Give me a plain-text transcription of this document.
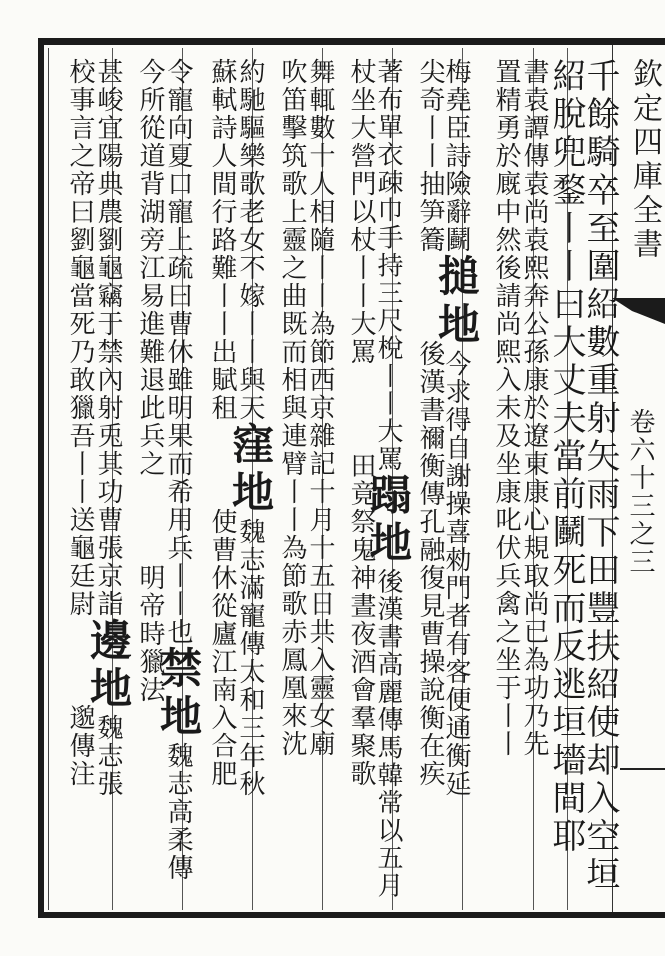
欽定四庫全書
卷六十三之三
千餘騎卒至圍紹數重射矢雨下田豐扶紹使却入空垣
紹脫兜鍪丨丨曰大丈夫當前鬭死而反逃垣墻間耶
書袁譚傳袁尚袁熙奔公孫康於遼東康心規取尚已為功乃先
置精勇於廐中然後請尚熙入未及坐康叱伏兵禽之坐于丨丨
梅堯臣詩險辭鬬
搥地
今求得自謝操喜勑門者有客便通衡延
尖奇丨丨抽笋簥
後漢書禰衡傳孔融復見曹操說衡在疾
著布單衣疎巾手持三尺梲丨丨大罵
蹋地
後漢書高麗傳馬韓常以五月
杖坐大營門以杖丨丨大罵
田竟祭鬼神晝夜酒會羣聚歌
舞輒數十人相隨丨丨為節西京雜記十月十五日共入靈女廟
吹笛擊筑歌上靈之曲既而相與連臂丨丨為節歌赤鳳凰來沈
約馳驅樂歌老女不嫁丨丨與天
窪地
魏志滿寵傳太和三年秋
蘇軾詩人間行路難丨丨出賦租
使曹休從廬江南入合肥
令寵向夏口寵上疏曰曹休雖明果而希用兵丨丨也
禁地
魏志高柔傳
今所從道背湖旁江易進難退此兵之
明帝時獵法
甚峻宜陽典農劉龜竊于禁內射兎其功曹張京詣
邊地
魏志張
校事言之帝曰劉龜當死乃敢獵吾丨丨送龜廷尉
邈傳注
